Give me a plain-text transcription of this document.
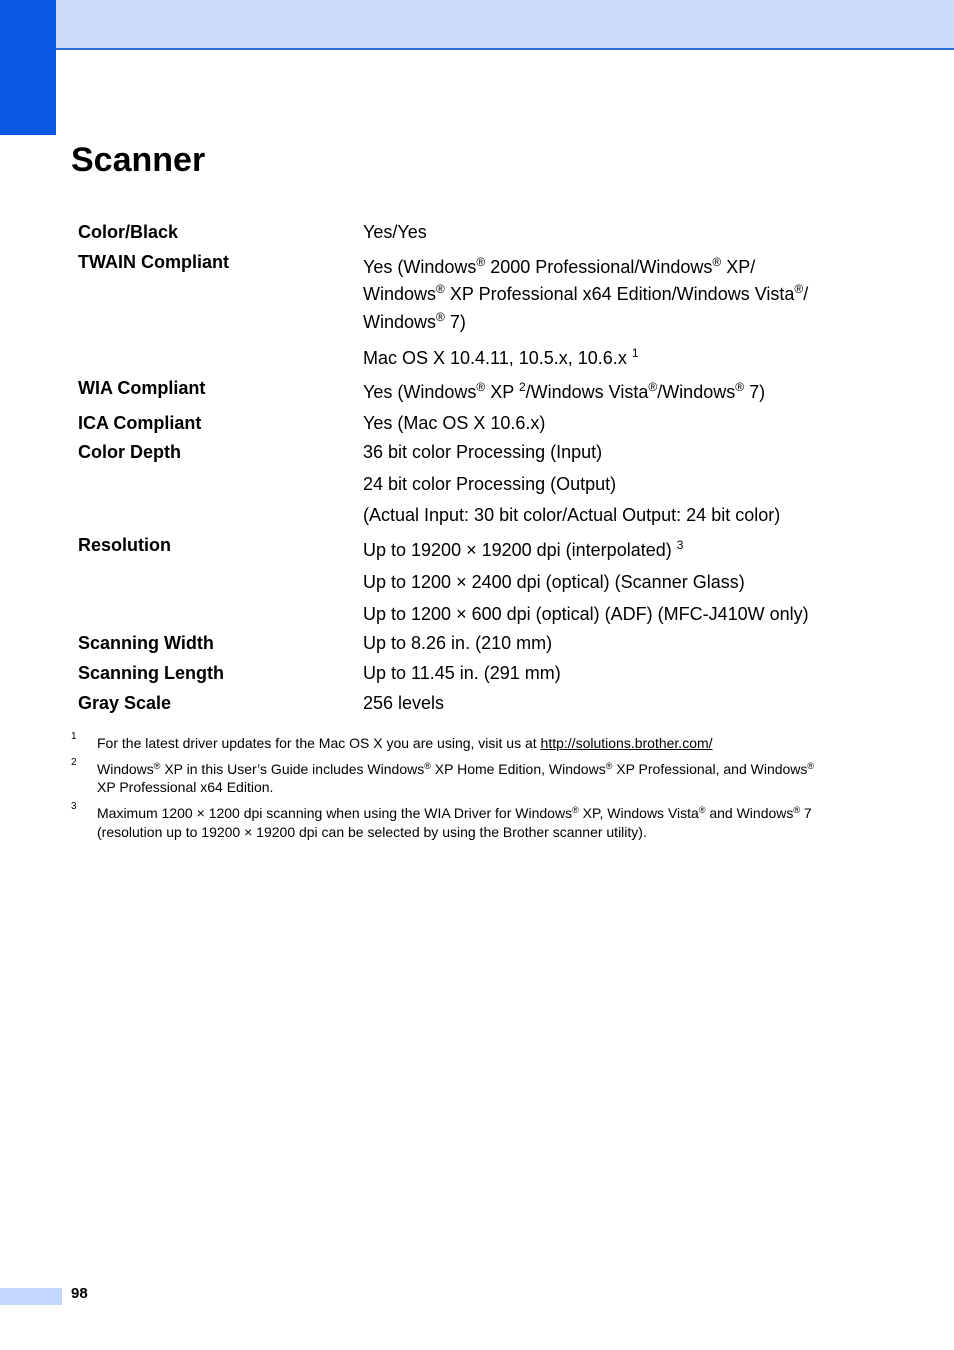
Scanner
Color/Black	Yes/Yes
TWAIN Compliant	Yes (Windows® 2000 Professional/Windows® XP/
Windows® XP Professional x64 Edition/Windows Vista®/
Windows® 7)
Mac OS X 10.4.11, 10.5.x, 10.6.x $^1$
WIA Compliant	Yes (Windows® XP $^2$/Windows Vista®/Windows® 7)
ICA Compliant	Yes (Mac OS X 10.6.x)
Color Depth	36 bit color Processing (Input)
24 bit color Processing (Output)
(Actual Input: 30 bit color/Actual Output: 24 bit color)
Resolution	Up to 19200 × 19200 dpi (interpolated) $^3$
Up to 1200 × 2400 dpi (optical) (Scanner Glass)
Up to 1200 × 600 dpi (optical) (ADF) (MFC-J410W only)
Scanning Width	Up to 8.26 in. (210 mm)
Scanning Length	Up to 11.45 in. (291 mm)
Gray Scale	256 levels
1 For the latest driver updates for the Mac OS X you are using, visit us at http://solutions.brother.com/
2 Windows® XP in this User’s Guide includes Windows® XP Home Edition, Windows® XP Professional, and Windows®
XP Professional x64 Edition.
3 Maximum 1200 × 1200 dpi scanning when using the WIA Driver for Windows® XP, Windows Vista® and Windows® 7
(resolution up to 19200 × 19200 dpi can be selected by using the Brother scanner utility).
98
